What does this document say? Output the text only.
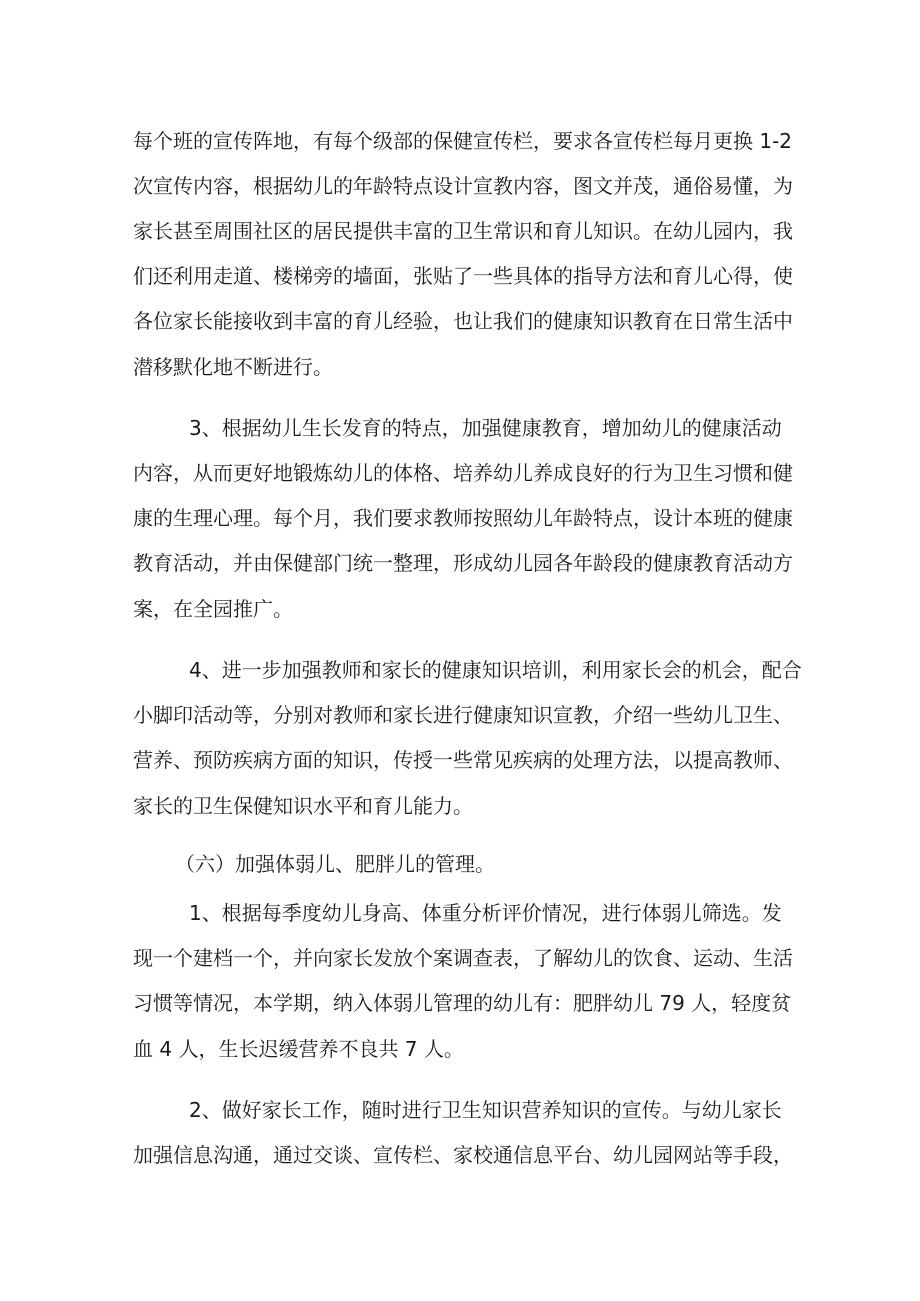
每个班的宣传阵地，有每个级部的保健宣传栏，要求各宣传栏每月更换 1-2
次宣传内容，根据幼儿的年龄特点设计宣教内容，图文并茂，通俗易懂，为
家长甚至周围社区的居民提供丰富的卫生常识和育儿知识。在幼儿园内，我
们还利用走道、楼梯旁的墙面，张贴了一些具体的指导方法和育儿心得，使
各位家长能接收到丰富的育儿经验，也让我们的健康知识教育在日常生活中
潜移默化地不断进行。
3、根据幼儿生长发育的特点，加强健康教育，增加幼儿的健康活动
内容，从而更好地锻炼幼儿的体格、培养幼儿养成良好的行为卫生习惯和健
康的生理心理。每个月，我们要求教师按照幼儿年龄特点，设计本班的健康
教育活动，并由保健部门统一整理，形成幼儿园各年龄段的健康教育活动方
案，在全园推广。
4、进一步加强教师和家长的健康知识培训，利用家长会的机会，配合
小脚印活动等，分别对教师和家长进行健康知识宣教，介绍一些幼儿卫生、
营养、预防疾病方面的知识，传授一些常见疾病的处理方法，以提高教师、
家长的卫生保健知识水平和育儿能力。
（六）加强体弱儿、肥胖儿的管理。
1、根据每季度幼儿身高、体重分析评价情况，进行体弱儿筛选。发
现一个建档一个，并向家长发放个案调查表，了解幼儿的饮食、运动、生活
习惯等情况，本学期，纳入体弱儿管理的幼儿有：肥胖幼儿 79 人，轻度贫
血 4 人，生长迟缓营养不良共 7 人。
2、做好家长工作，随时进行卫生知识营养知识的宣传。与幼儿家长
加强信息沟通，通过交谈、宣传栏、家校通信息平台、幼儿园网站等手段，
